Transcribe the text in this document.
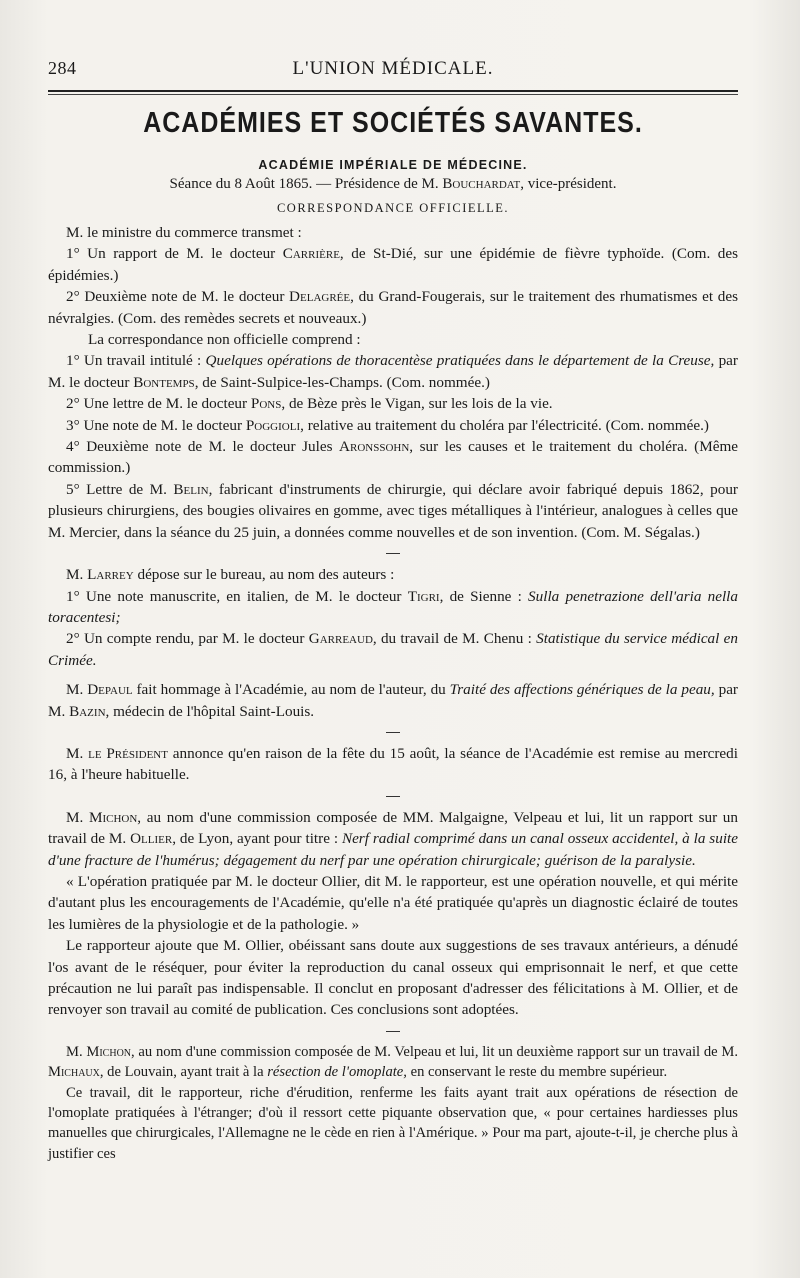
284	L'UNION MÉDICALE.
ACADÉMIES ET SOCIÉTÉS SAVANTES.
ACADÉMIE IMPÉRIALE DE MÉDECINE.
Séance du 8 Août 1865. — Présidence de M. Bouchardat, vice-président.
CORRESPONDANCE OFFICIELLE.

M. le ministre du commerce transmet :

1° Un rapport de M. le docteur Carrière, de St-Dié, sur une épidémie de fièvre typhoïde. (Com. des épidémies.)

2° Deuxième note de M. le docteur Delagrée, du Grand-Fougerais, sur le traitement des rhumatismes et des névralgies. (Com. des remèdes secrets et nouveaux.)

La correspondance non officielle comprend :

1° Un travail intitulé : Quelques opérations de thoracentèse pratiquées dans le département de la Creuse, par M. le docteur Bontemps, de Saint-Sulpice-les-Champs. (Com. nommée.)

2° Une lettre de M. le docteur Pons, de Bèze près le Vigan, sur les lois de la vie.

3° Une note de M. le docteur Poggioli, relative au traitement du choléra par l'électricité. (Com. nommée.)

4° Deuxième note de M. le docteur Jules Aronssohn, sur les causes et le traitement du choléra. (Même commission.)

5° Lettre de M. Belin, fabricant d'instruments de chirurgie, qui déclare avoir fabriqué depuis 1862, pour plusieurs chirurgiens, des bougies olivaires en gomme, avec tiges métalliques à l'intérieur, analogues à celles que M. Mercier, dans la séance du 25 juin, a données comme nouvelles et de son invention. (Com. M. Ségalas.)

M. Larrey dépose sur le bureau, au nom des auteurs :

1° Une note manuscrite, en italien, de M. le docteur Tigri, de Sienne : Sulla penetrazione dell'aria nella toracentesi;

2° Un compte rendu, par M. le docteur Garreaud, du travail de M. Chenu : Statistique du service médical en Crimée.

M. Depaul fait hommage à l'Académie, au nom de l'auteur, du Traité des affections génériques de la peau, par M. Bazin, médecin de l'hôpital Saint-Louis.

M. le Président annonce qu'en raison de la fête du 15 août, la séance de l'Académie est remise au mercredi 16, à l'heure habituelle.

M. Michon, au nom d'une commission composée de MM. Malgaigne, Velpeau et lui, lit un rapport sur un travail de M. Ollier, de Lyon, ayant pour titre : Nerf radial comprimé dans un canal osseux accidentel, à la suite d'une fracture de l'humérus; dégagement du nerf par une opération chirurgicale; guérison de la paralysie.

« L'opération pratiquée par M. le docteur Ollier, dit M. le rapporteur, est une opération nouvelle, et qui mérite d'autant plus les encouragements de l'Académie, qu'elle n'a été pratiquée qu'après un diagnostic éclairé de toutes les lumières de la physiologie et de la pathologie. »

Le rapporteur ajoute que M. Ollier, obéissant sans doute aux suggestions de ses travaux antérieurs, a dénudé l'os avant de le réséquer, pour éviter la reproduction du canal osseux qui emprisonnait le nerf, et que cette précaution ne lui paraît pas indispensable. Il conclut en proposant d'adresser des félicitations à M. Ollier, et de renvoyer son travail au comité de publication. Ces conclusions sont adoptées.

M. Michon, au nom d'une commission composée de M. Velpeau et lui, lit un deuxième rapport sur un travail de M. Michaux, de Louvain, ayant trait à la résection de l'omoplate, en conservant le reste du membre supérieur.

Ce travail, dit le rapporteur, riche d'érudition, renferme les faits ayant trait aux opérations de résection de l'omoplate pratiquées à l'étranger; d'où il ressort cette piquante observation que, « pour certaines hardiesses plus manuelles que chirurgicales, l'Allemagne ne le cède en rien à l'Amérique. » Pour ma part, ajoute-t-il, je cherche plus à justifier ces
